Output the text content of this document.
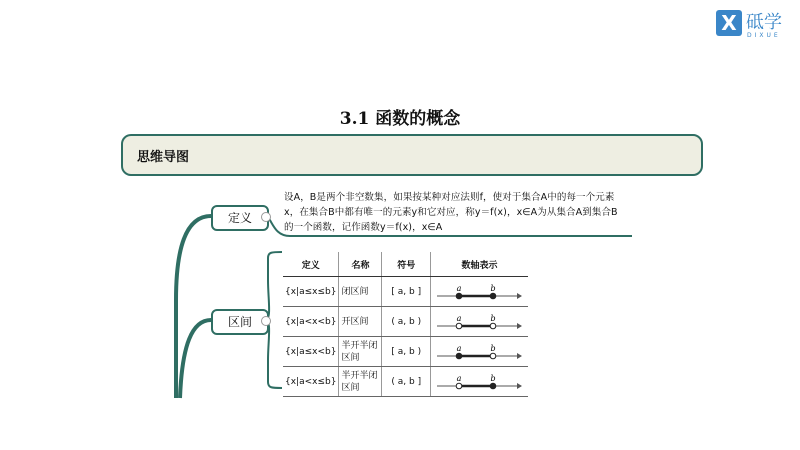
X 砥学
DIXUE
3.1 函数的概念
思维导图
定义
设A，B是两个非空数集，如果按某种对应法则f，使对于集合A中的每一个元素x，在集合B中都有唯一的元素y和它对应，称y＝f(x)，x∈A为从集合A到集合B的一个函数，记作函数y＝f(x)，x∈A
区间
定义	名称	符号	数轴表示
{x|a≤x≤b}	闭区间	[ a, b ]	a b

{x|a<x<b}	开区间	( a, b )	a b

{x|a≤x<b}	半开半闭区间	[ a, b )	a b

{x|a<x≤b}	半开半闭区间	( a, b ]	a b
